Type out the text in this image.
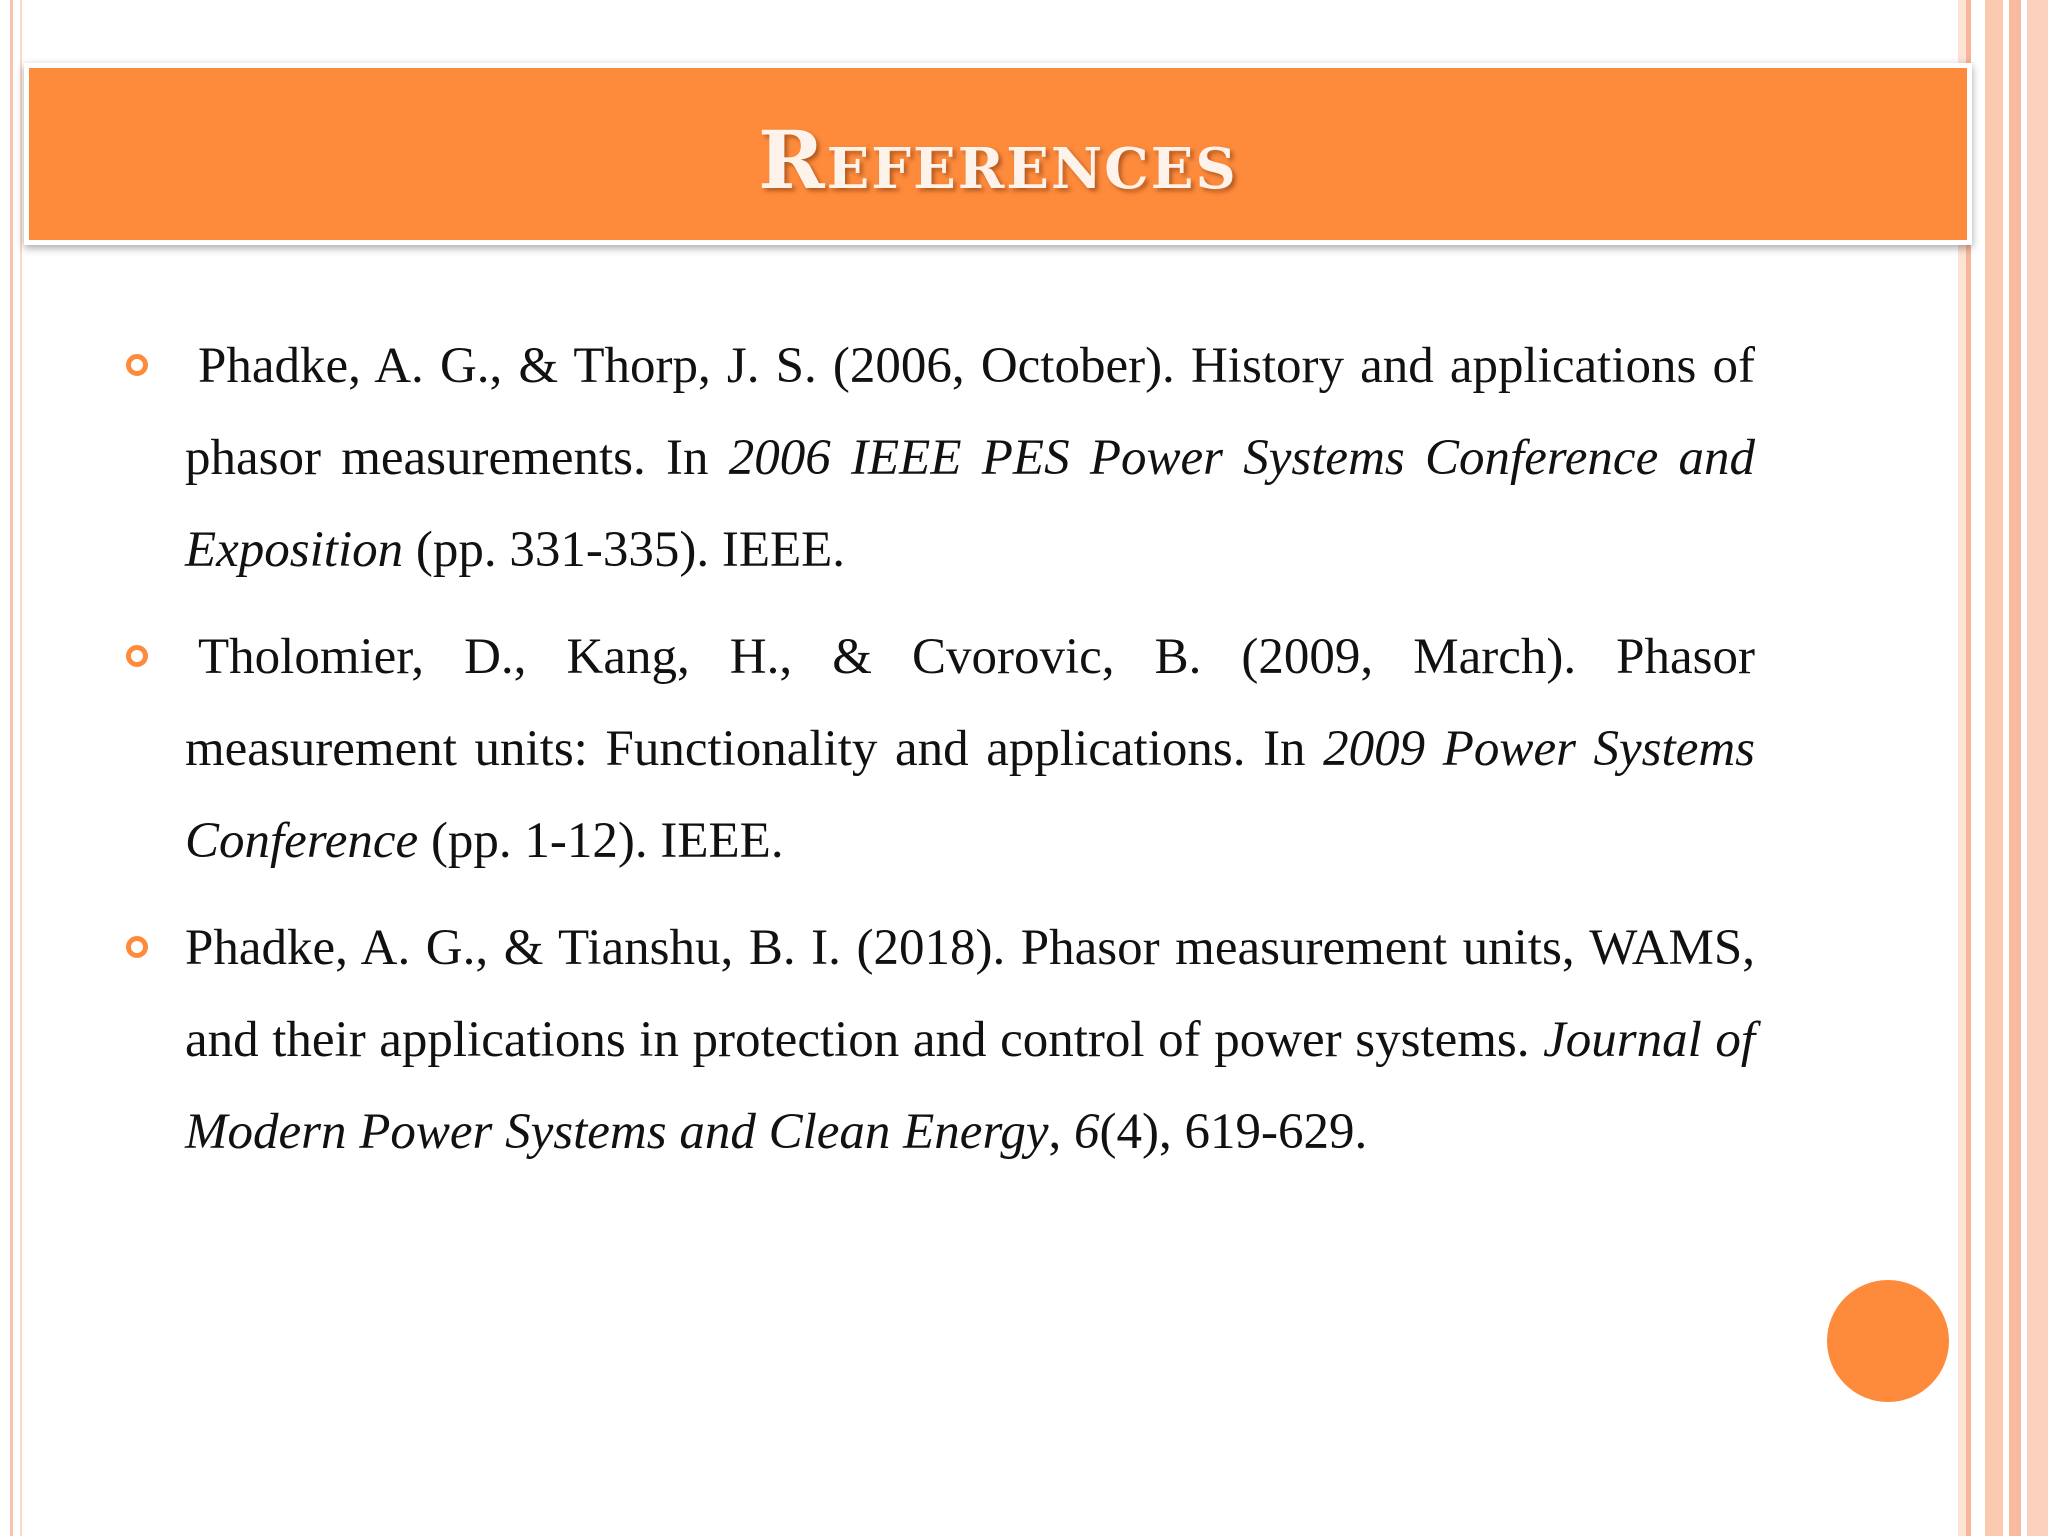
References
Phadke, A. G., & Thorp, J. S. (2006, October). History and applications of phasor measurements. In 2006 IEEE PES Power Systems Conference and Exposition (pp. 331-335). IEEE.
Tholomier, D., Kang, H., & Cvorovic, B. (2009, March). Phasor measurement units: Functionality and applications. In 2009 Power Systems Conference (pp. 1-12). IEEE.
Phadke, A. G., & Tianshu, B. I. (2018). Phasor measurement units, WAMS, and their applications in protection and control of power systems. Journal of Modern Power Systems and Clean Energy, 6(4), 619-629.
